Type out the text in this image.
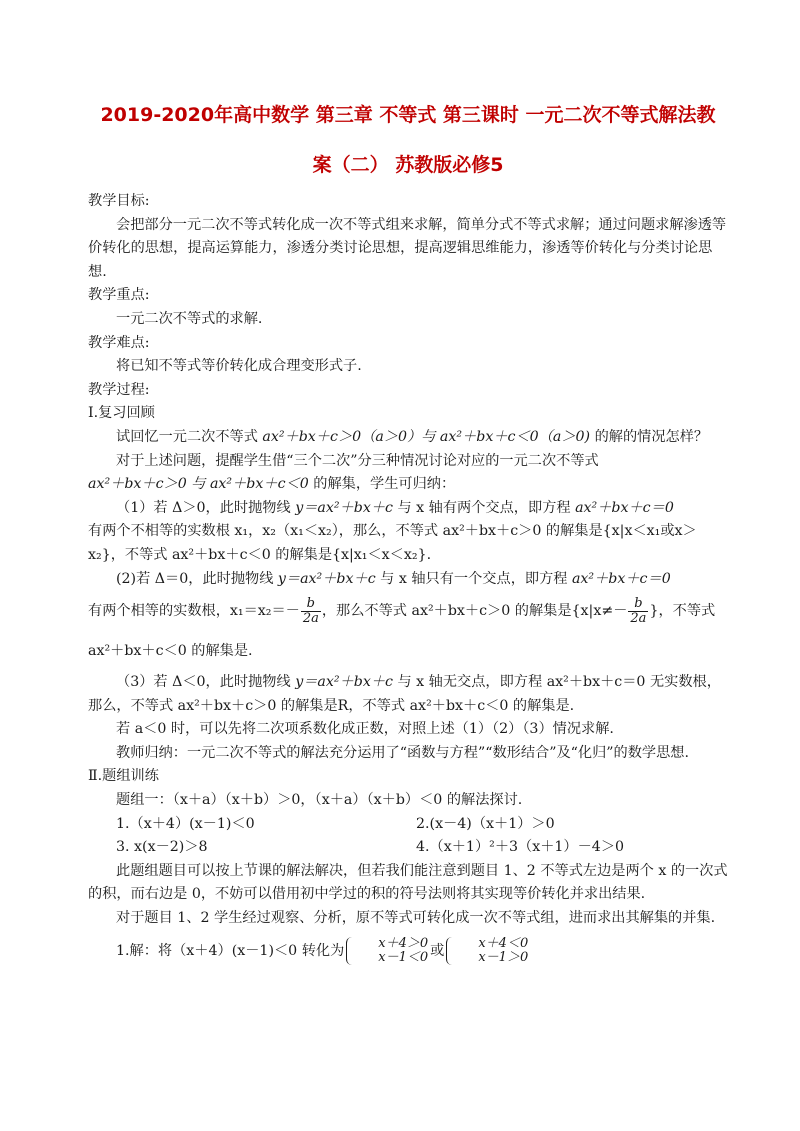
2019-2020年高中数学 第三章 不等式 第三课时 一元二次不等式解法教
案（二） 苏教版必修5

教学目标:

会把部分一元二次不等式转化成一次不等式组来求解，简单分式不等式求解；通过问题求解渗透等价转化的思想，提高运算能力，渗透分类讨论思想，提高逻辑思维能力，渗透等价转化与分类讨论思想.

教学重点:

一元二次不等式的求解.

教学难点:

将已知不等式等价转化成合理变形式子.

教学过程:

Ⅰ.复习回顾

试回忆一元二次不等式 ax²＋bx＋c＞0（a＞0）与 ax²＋bx＋c＜0（a＞0) 的解的情况怎样？

对于上述问题，提醒学生借“三个二次”分三种情况讨论对应的一元二次不等式

ax²＋bx＋c＞0 与 ax²＋bx＋c＜0 的解集，学生可归纳：

（1）若 Δ＞0，此时抛物线 y＝ax²＋bx＋c 与 x 轴有两个交点，即方程 ax²＋bx＋c＝0
有两个不相等的实数根 x₁，x₂（x₁＜x₂），那么，不等式 ax²＋bx＋c＞0 的解集是{x|x＜x₁或x＞x₂}，不等式 ax²＋bx＋c＜0 的解集是{x|x₁＜x＜x₂}.

(2)若 Δ＝0，此时抛物线 y＝ax²＋bx＋c 与 x 轴只有一个交点，即方程 ax²＋bx＋c＝0

有两个相等的实数根，$x_1=x_2=- \frac{b}{2a}$ ，那么不等式 ax²＋bx＋c＞0 的解集是{$x|x\ne- \frac{b}{2a}$ }，不等式 ax²＋bx＋c＜0 的解集是.

（3）若 Δ＜0，此时抛物线 y＝ax²＋bx＋c 与 x 轴无交点，即方程 ax²＋bx＋c＝0 无实数根，那么，不等式 ax²＋bx＋c＞0 的解集是R，不等式 ax²＋bx＋c＜0 的解集是.

若 a＜0 时，可以先将二次项系数化成正数，对照上述（1）（2）（3）情况求解.

教师归纳：一元二次不等式的解法充分运用了“函数与方程”“数形结合”及“化归”的数学思想.

Ⅱ.题组训练

题组一：（x＋a）（x＋b）＞0，（x＋a）（x＋b）＜0 的解法探讨.

1.（x＋4）(x－1)＜0	2.(x－4)（x＋1）＞0
3. x(x－2)＞8	4.（x＋1）²＋3（x＋1）－4＞0

此题组题目可以按上节课的解法解决，但若我们能注意到题目 1、2 不等式左边是两个 x 的一次式的积，而右边是 0，不妨可以借用初中学过的积的符号法则将其实现等价转化并求出结果.

对于题目 1、2 学生经过观察、分析，原不等式可转化成一次不等式组，进而求出其解集的并集.

1.解：将（x＋4）(x－1)＜0 转化为	x＋4＞0
x－1＜0 或	x＋4＜0
x－1＞0
